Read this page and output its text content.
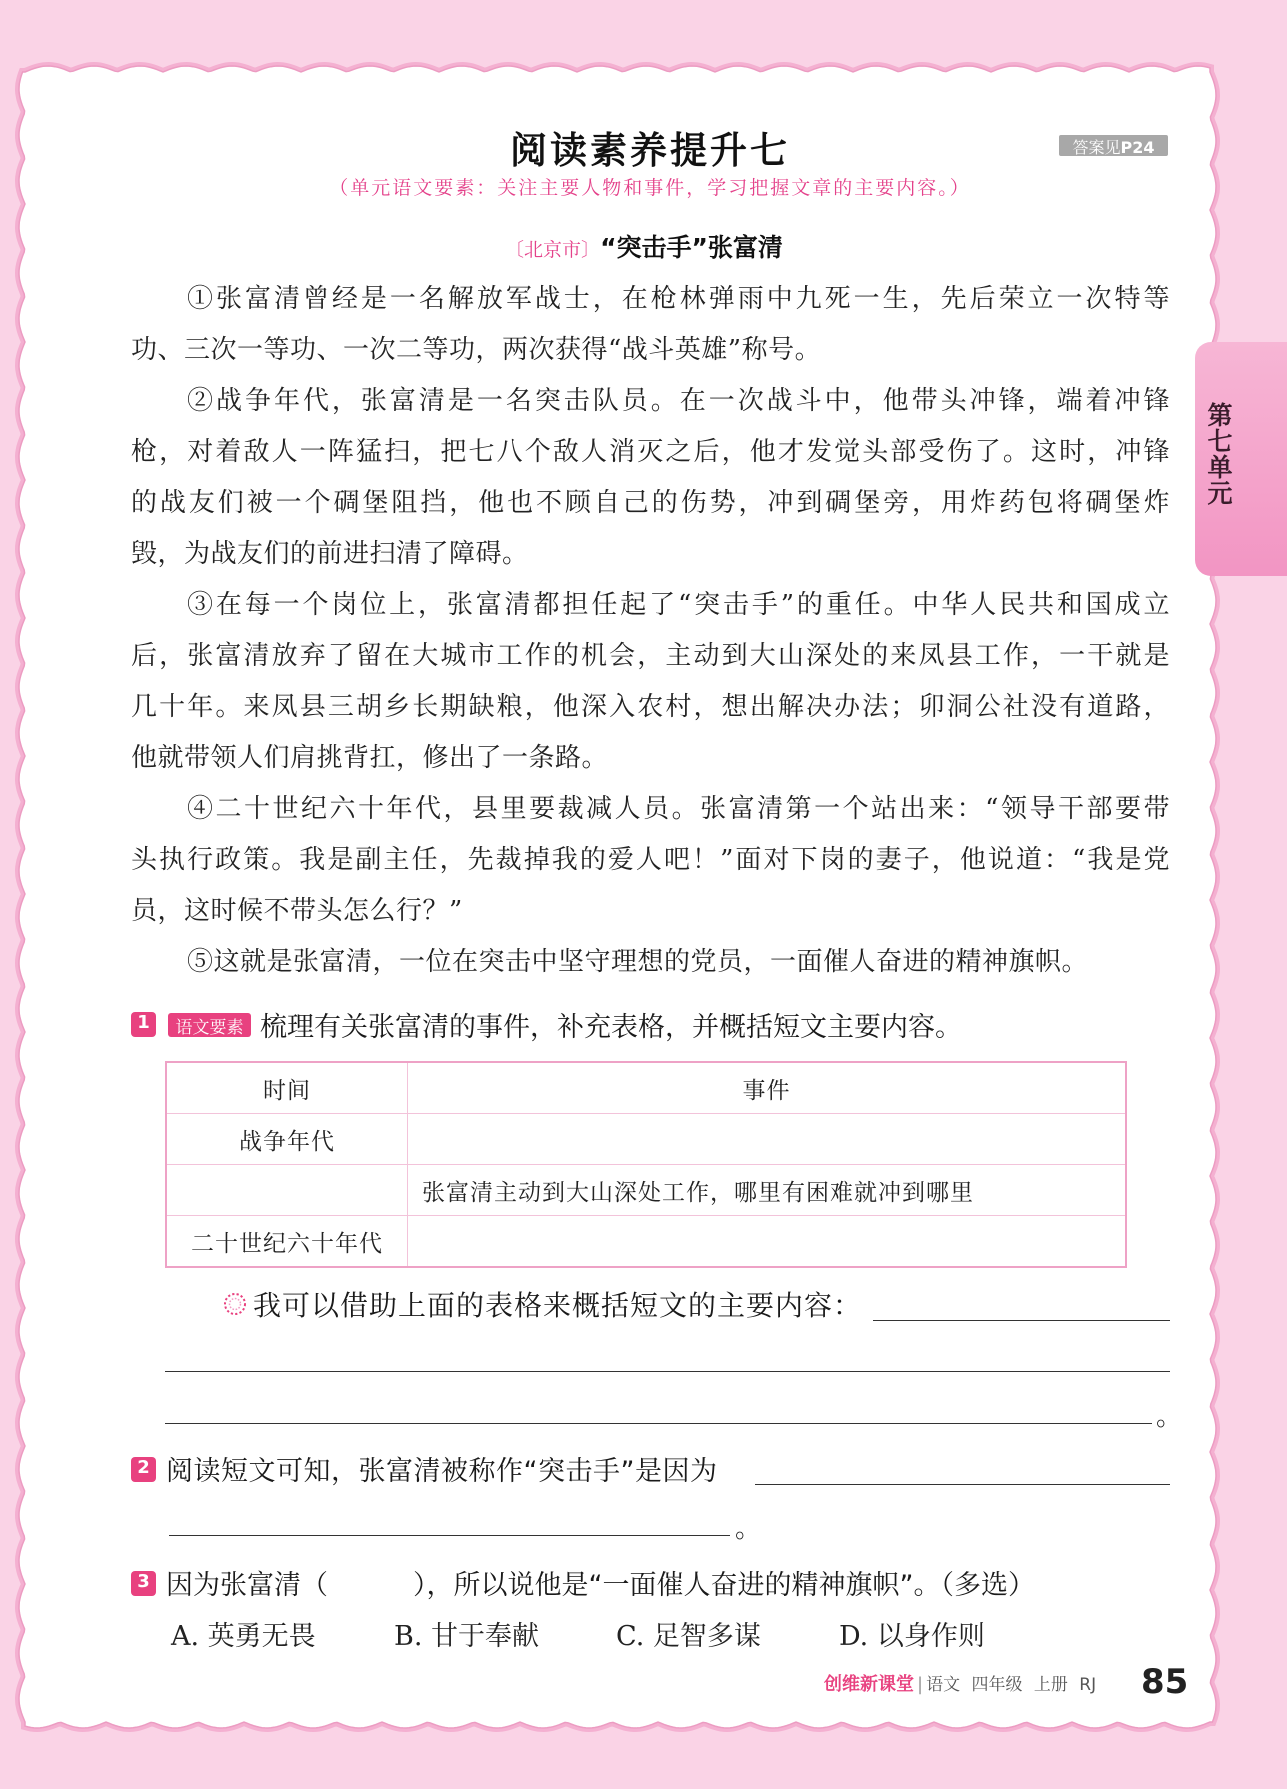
第七单元
阅读素养提升七	答案见P24
（单元语文要素：关注主要人物和事件，学习把握文章的主要内容。）
〔北京市〕“突击手”张富清
①张富清曾经是一名解放军战士，在枪林弹雨中九死一生，先后荣立一次特等
功、三次一等功、一次二等功，两次获得“战斗英雄”称号。
②战争年代，张富清是一名突击队员。在一次战斗中，他带头冲锋，端着冲锋
枪，对着敌人一阵猛扫，把七八个敌人消灭之后，他才发觉头部受伤了。这时，冲锋
的战友们被一个碉堡阻挡，他也不顾自己的伤势，冲到碉堡旁，用炸药包将碉堡炸
毁，为战友们的前进扫清了障碍。
③在每一个岗位上，张富清都担任起了“突击手”的重任。中华人民共和国成立
后，张富清放弃了留在大城市工作的机会，主动到大山深处的来凤县工作，一干就是
几十年。来凤县三胡乡长期缺粮，他深入农村，想出解决办法；卯洞公社没有道路，
他就带领人们肩挑背扛，修出了一条路。
④二十世纪六十年代，县里要裁减人员。张富清第一个站出来：“领导干部要带
头执行政策。我是副主任，先裁掉我的爱人吧！”面对下岗的妻子，他说道：“我是党
员，这时候不带头怎么行？”
⑤这就是张富清，一位在突击中坚守理想的党员，一面催人奋进的精神旗帜。
1	语文要素 梳理有关张富清的事件，补充表格，并概括短文主要内容。
时间	事件
战争年代	
	张富清主动到大山深处工作，哪里有困难就冲到哪里
二十世纪六十年代	
我可以借助上面的表格来概括短文的主要内容：
。
2 阅读短文可知，张富清被称作“突击手”是因为
。
3 因为张富清（	），所以说他是“一面催人奋进的精神旗帜”。（多选）
A. 英勇无畏	B. 甘于奉献	C. 足智多谋	D. 以身作则
创维新课堂 | 语文 四年级 上册 RJ 85
